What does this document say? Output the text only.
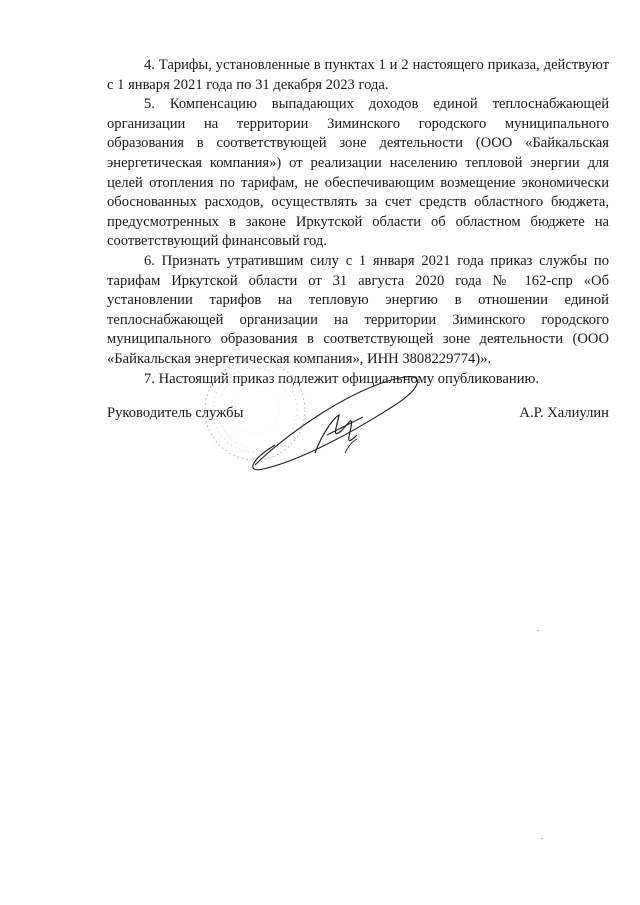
4. Тарифы, установленные в пунктах 1 и 2 настоящего приказа, действуют с 1 января 2021 года по 31 декабря 2023 года.

5. Компенсацию выпадающих доходов единой теплоснабжающей организации на территории Зиминского городского муниципального образования в соответствующей зоне деятельности (ООО «Байкальская энергетическая компания») от реализации населению тепловой энергии для целей отопления по тарифам, не обеспечивающим возмещение экономически обоснованных расходов, осуществлять за счет средств областного бюджета, предусмотренных в законе Иркутской области об областном бюджете на соответствующий финансовый год.

6. Признать утратившим силу с 1 января 2021 года приказ службы по тарифам Иркутской области от 31 августа 2020 года № 162-спр «Об установлении тарифов на тепловую энергию в отношении единой теплоснабжающей организации на территории Зиминского городского муниципального образования в соответствующей зоне деятельности (ООО «Байкальская энергетическая компания», ИНН 3808229774)».

7. Настоящий приказ подлежит официальному опубликованию.

Руководитель службы	А.Р. Халиулин
